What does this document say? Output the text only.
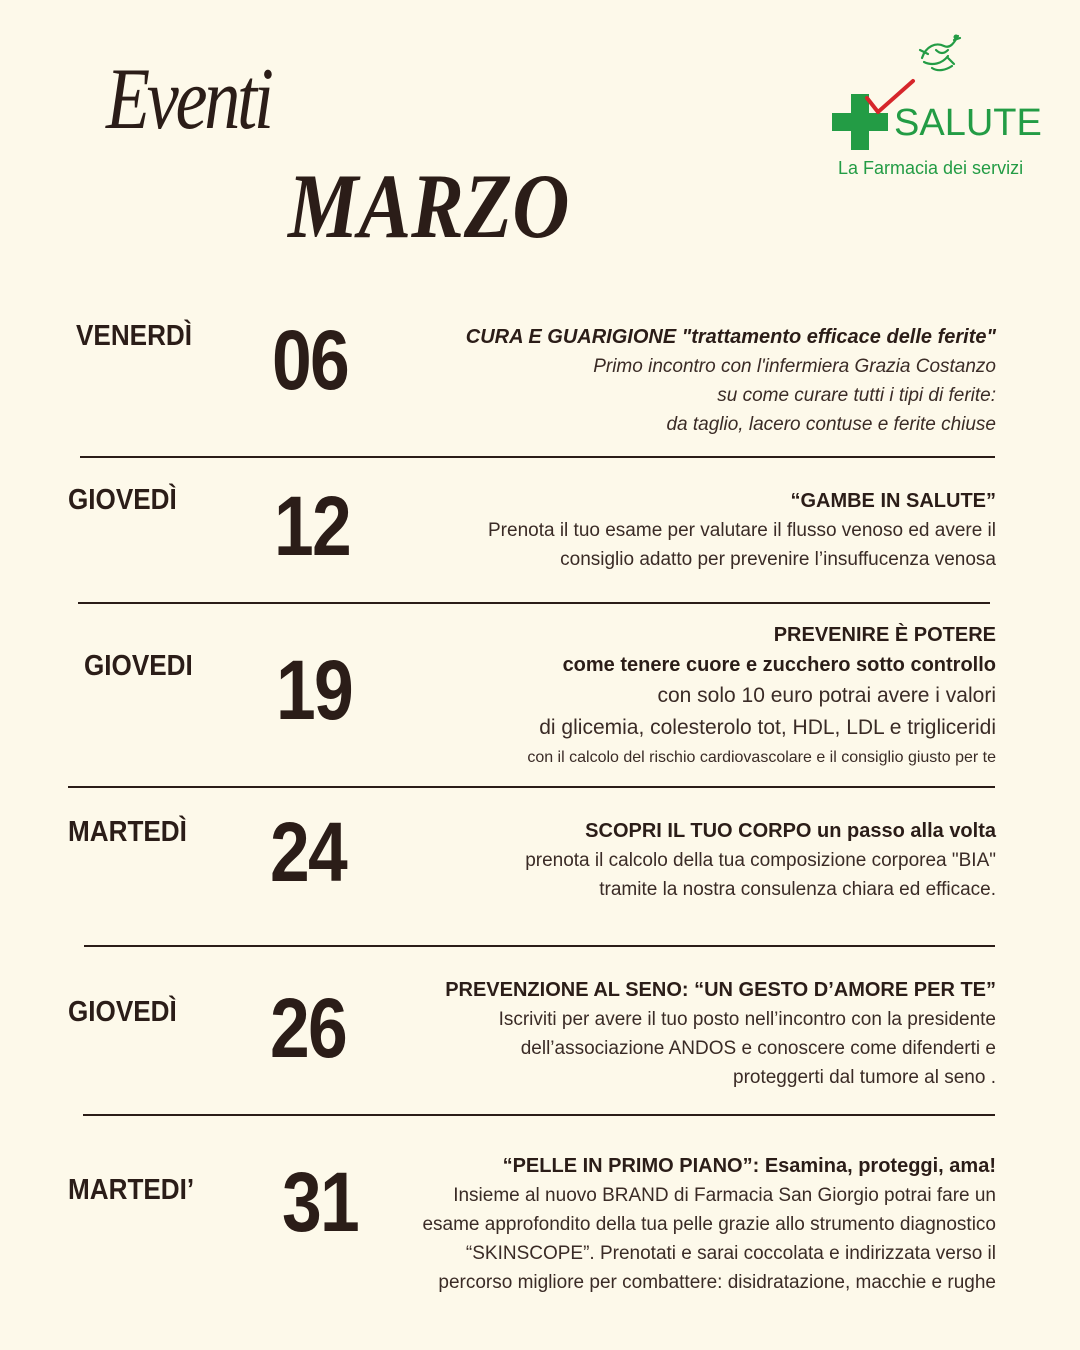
Eventi
MARZO
SALUTE
La Farmacia dei servizi
VENERDÌ 06	CURA E GUARIGIONE "trattamento efficace delle ferite"
Primo incontro con l'infermiera Grazia Costanzo
su come curare tutti i tipi di ferite:
da taglio, lacero contuse e ferite chiuse
GIOVEDÌ 12	“GAMBE IN SALUTE”
Prenota il tuo esame per valutare il flusso venoso ed avere il
consiglio adatto per prevenire l’insuffucenza venosa
GIOVEDI 19
PREVENIRE È POTERE
come tenere cuore e zucchero sotto controllo
con solo 10 euro potrai avere i valori
di glicemia, colesterolo tot, HDL, LDL e trigliceridi
con il calcolo del rischio cardiovascolare e il consiglio giusto per te
MARTEDÌ 24	SCOPRI IL TUO CORPO un passo alla volta
prenota il calcolo della tua composizione corporea "BIA"
tramite la nostra consulenza chiara ed efficace.
GIOVEDÌ 26	PREVENZIONE AL SENO: “UN GESTO D’AMORE PER TE”
Iscriviti per avere il tuo posto nell’incontro con la presidente
dell’associazione ANDOS e conoscere come difenderti e
proteggerti dal tumore al seno .
MARTEDI’ 31	“PELLE IN PRIMO PIANO”: Esamina, proteggi, ama!
Insieme al nuovo BRAND di Farmacia San Giorgio potrai fare un
esame approfondito della tua pelle grazie allo strumento diagnostico
“SKINSCOPE”. Prenotati e sarai coccolata e indirizzata verso il
percorso migliore per combattere: disidratazione, macchie e rughe
